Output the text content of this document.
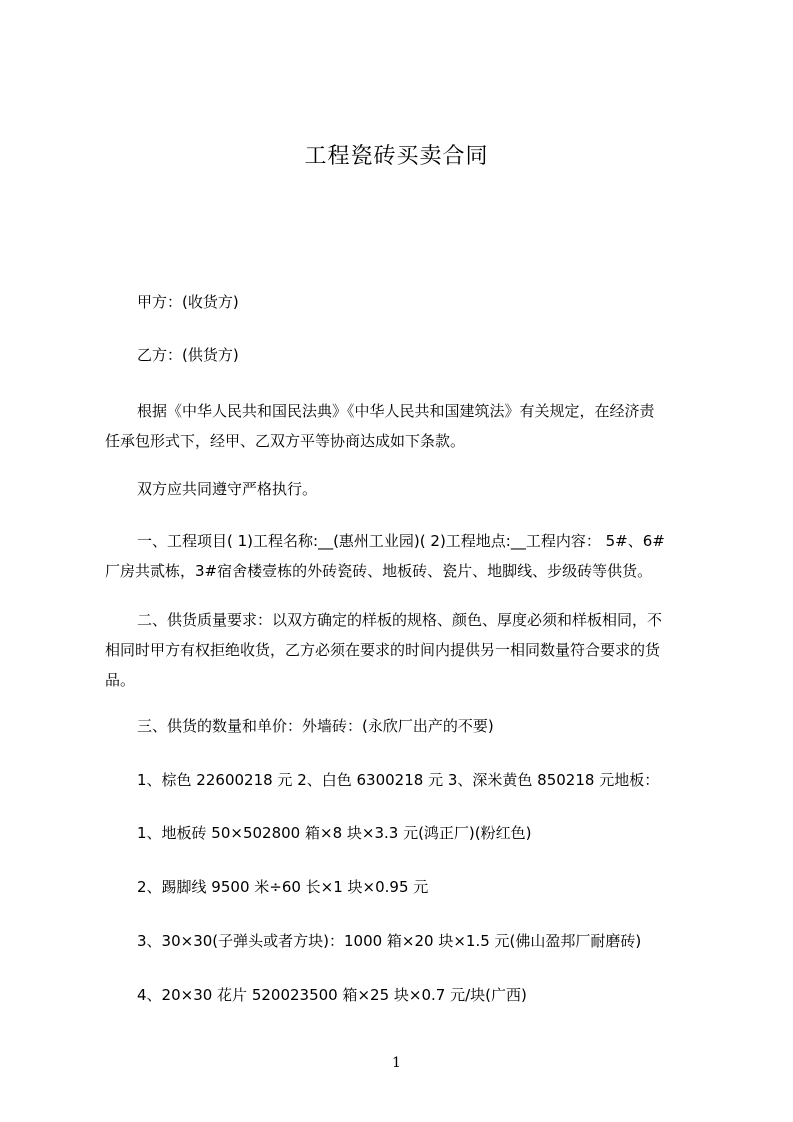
工程瓷砖买卖合同
甲方：(收货方)
乙方：(供货方)
根据《中华人民共和国民法典》《中华人民共和国建筑法》有关规定，在经济责
任承包形式下，经甲、乙双方平等协商达成如下条款。
双方应共同遵守严格执行。
一、工程项目( 1)工程名称:__(惠州工业园)( 2)工程地点:__工程内容： 5#、6#
厂房共贰栋，3#宿舍楼壹栋的外砖瓷砖、地板砖、瓷片、地脚线、步级砖等供货。
二、供货质量要求：以双方确定的样板的规格、颜色、厚度必须和样板相同，不
相同时甲方有权拒绝收货，乙方必须在要求的时间内提供另一相同数量符合要求的货
品。
三、供货的数量和单价：外墙砖：(永欣厂出产的不要)
1、棕色 22600218 元 2、白色 6300218 元 3、深米黄色 850218 元地板：
1、地板砖 50×502800 箱×8 块×3.3 元(鸿正厂)(粉红色)
2、踢脚线 9500 米÷60 长×1 块×0.95 元
3、30×30(子弹头或者方块)：1000 箱×20 块×1.5 元(佛山盈邦厂耐磨砖)
4、20×30 花片 520023500 箱×25 块×0.7 元/块(广西)
1
